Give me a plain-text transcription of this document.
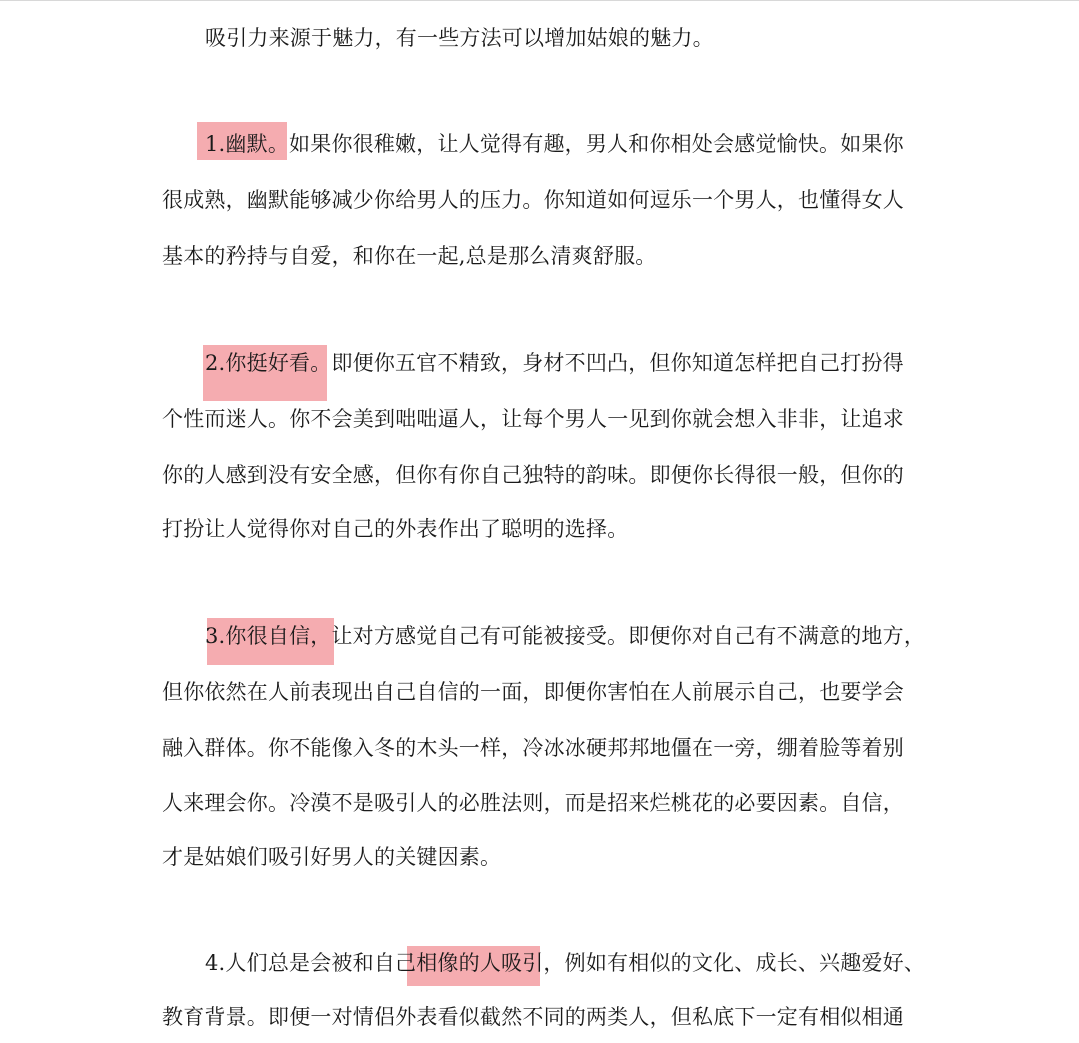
吸引力来源于魅力，有一些方法可以增加姑娘的魅力。
1.幽默。如果你很稚嫩，让人觉得有趣，男人和你相处会感觉愉快。如果你
很成熟，幽默能够减少你给男人的压力。你知道如何逗乐一个男人，也懂得女人
基本的矜持与自爱，和你在一起,总是那么清爽舒服。
2.你挺好看。即便你五官不精致，身材不凹凸，但你知道怎样把自己打扮得
个性而迷人。你不会美到咄咄逼人，让每个男人一见到你就会想入非非，让追求
你的人感到没有安全感，但你有你自己独特的韵味。即便你长得很一般，但你的
打扮让人觉得你对自己的外表作出了聪明的选择。
3.你很自信，让对方感觉自己有可能被接受。即便你对自己有不满意的地方，
但你依然在人前表现出自己自信的一面，即便你害怕在人前展示自己，也要学会
融入群体。你不能像入冬的木头一样，冷冰冰硬邦邦地僵在一旁，绷着脸等着别
人来理会你。冷漠不是吸引人的必胜法则，而是招来烂桃花的必要因素。自信，
才是姑娘们吸引好男人的关键因素。
4.人们总是会被和自己相像的人吸引，例如有相似的文化、成长、兴趣爱好、
教育背景。即便一对情侣外表看似截然不同的两类人，但私底下一定有相似相通
